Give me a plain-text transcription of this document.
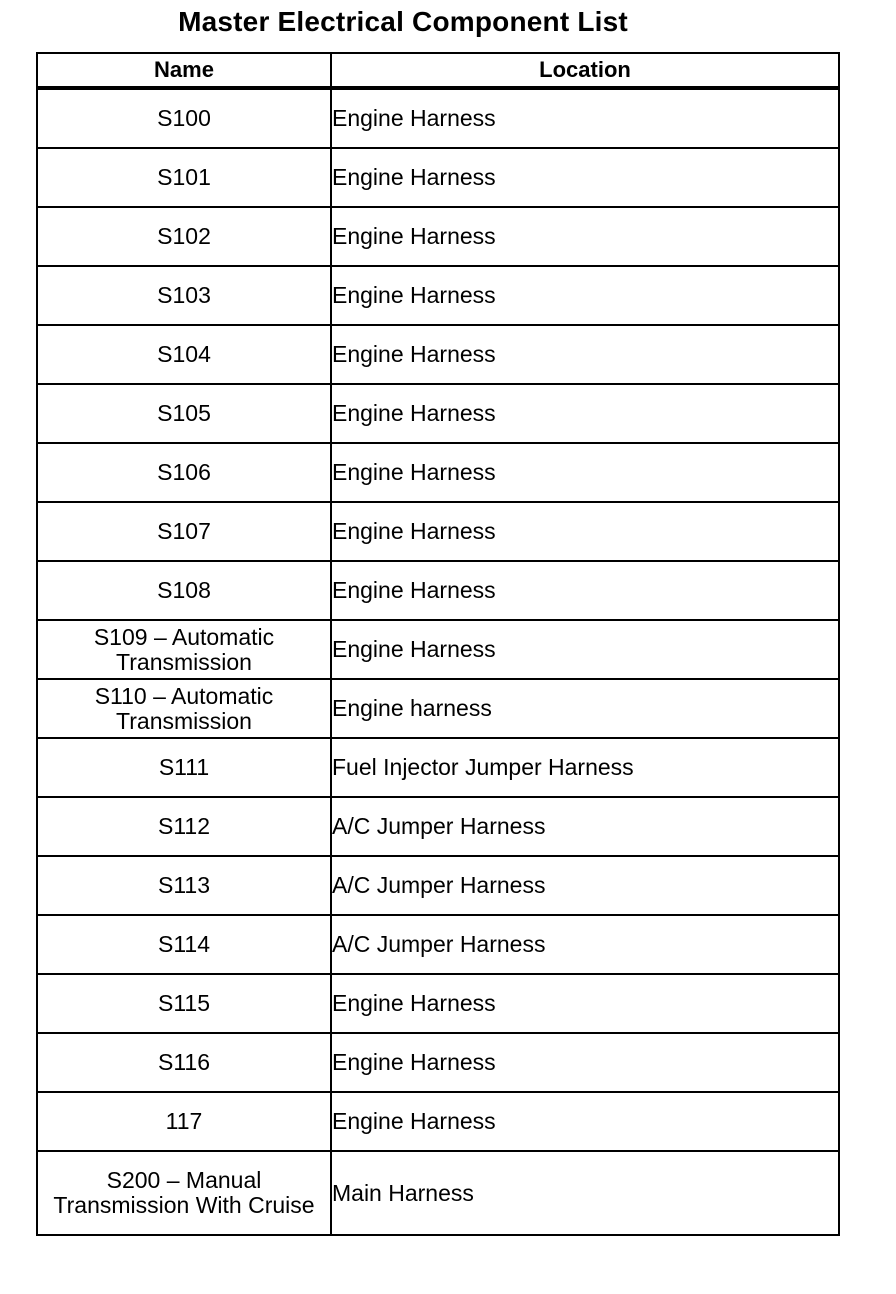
Master Electrical Component List
Name	Location
S100	Engine Harness
S101	Engine Harness
S102	Engine Harness
S103	Engine Harness
S104	Engine Harness
S105	Engine Harness
S106	Engine Harness
S107	Engine Harness
S108	Engine Harness
S109 – Automatic Transmission	Engine Harness
S110 – Automatic Transmission	Engine harness
S111	Fuel Injector Jumper Harness
S112	A/C Jumper Harness
S113	A/C Jumper Harness
S114	A/C Jumper Harness
S115	Engine Harness
S116	Engine Harness
117	Engine Harness
S200 – Manual Transmission With Cruise	Main Harness
